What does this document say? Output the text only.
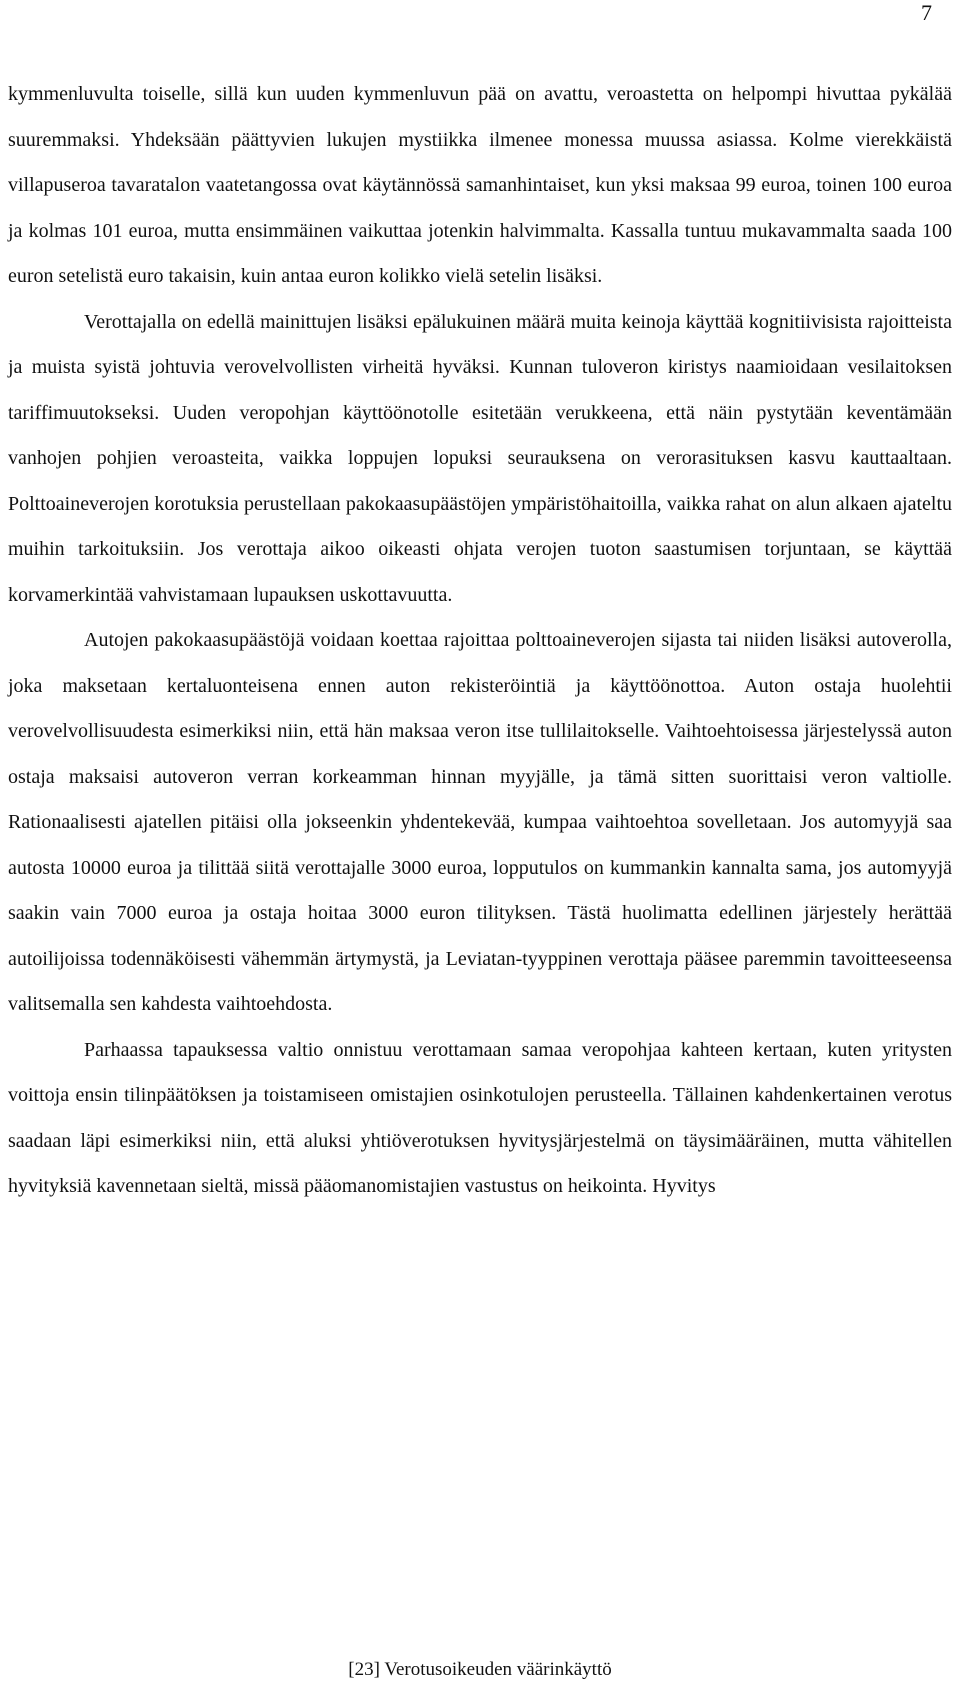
7

kymmenluvulta toiselle, sillä kun uuden kymmenluvun pää on avattu, veroastetta on helpompi hivuttaa pykälää suuremmaksi. Yhdeksään päättyvien lukujen mystiikka ilmenee monessa muussa asiassa. Kolme vierekkäistä villapuseroa tavaratalon vaatetangossa ovat käytännössä samanhintaiset, kun yksi maksaa 99 euroa, toinen 100 euroa ja kolmas 101 euroa, mutta ensimmäinen vaikuttaa jotenkin halvimmalta. Kassalla tuntuu mukavammalta saada 100 euron setelistä euro takaisin, kuin antaa euron kolikko vielä setelin lisäksi.

Verottajalla on edellä mainittujen lisäksi epälukuinen määrä muita keinoja käyttää kognitiivisista rajoitteista ja muista syistä johtuvia verovelvollisten virheitä hyväksi. Kunnan tuloveron kiristys naamioidaan vesilaitoksen tariffimuutokseksi. Uuden veropohjan käyttöönotolle esitetään verukkeena, että näin pystytään keventämään vanhojen pohjien veroasteita, vaikka loppujen lopuksi seurauksena on verorasituksen kasvu kauttaaltaan. Polttoaineverojen korotuksia perustellaan pakokaasupäästöjen ympäristöhaitoilla, vaikka rahat on alun alkaen ajateltu muihin tarkoituksiin. Jos verottaja aikoo oikeasti ohjata verojen tuoton saastumisen torjuntaan, se käyttää korvamerkintää vahvistamaan lupauksen uskottavuutta.

Autojen pakokaasupäästöjä voidaan koettaa rajoittaa polttoaineverojen sijasta tai niiden lisäksi autoverolla, joka maksetaan kertaluonteisena ennen auton rekisteröintiä ja käyttöönottoa. Auton ostaja huolehtii verovelvollisuudesta esimerkiksi niin, että hän maksaa veron itse tullilaitokselle. Vaihtoehtoisessa järjestelyssä auton ostaja maksaisi autoveron verran korkeamman hinnan myyjälle, ja tämä sitten suorittaisi veron valtiolle. Rationaalisesti ajatellen pitäisi olla jokseenkin yhdentekevää, kumpaa vaihtoehtoa sovelletaan. Jos automyyjä saa autosta 10000 euroa ja tilittää siitä verottajalle 3000 euroa, lopputulos on kummankin kannalta sama, jos automyyjä saakin vain 7000 euroa ja ostaja hoitaa 3000 euron tilityksen. Tästä huolimatta edellinen järjestely herättää autoilijoissa todennäköisesti vähemmän ärtymystä, ja Leviatan-tyyppinen verottaja pääsee paremmin tavoitteeseensa valitsemalla sen kahdesta vaihtoehdosta.

Parhaassa tapauksessa valtio onnistuu verottamaan samaa veropohjaa kahteen kertaan, kuten yritysten voittoja ensin tilinpäätöksen ja toistamiseen omistajien osinkotulojen perusteella. Tällainen kahdenkertainen verotus saadaan läpi esimerkiksi niin, että aluksi yhtiöverotuksen hyvitysjärjestelmä on täysimääräinen, mutta vähitellen hyvityksiä kavennetaan sieltä, missä pääomanomistajien vastustus on heikointa. Hyvitys

[23] Verotusoikeuden väärinkäyttö
